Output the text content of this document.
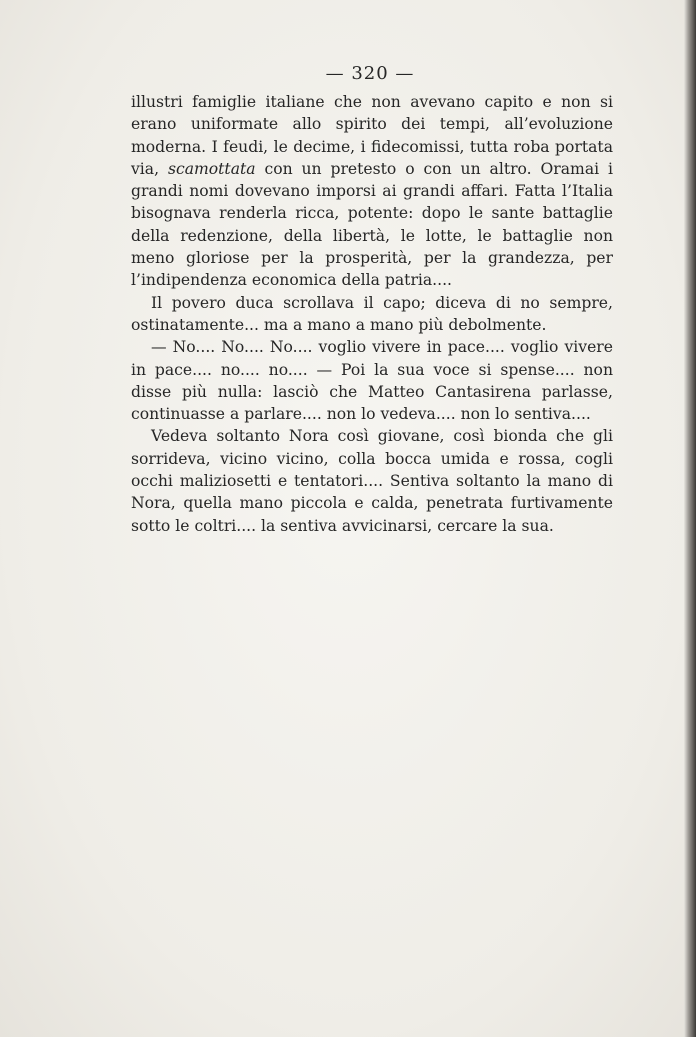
— 320 —

illustri famiglie italiane che non avevano capito e non si erano uniformate allo spirito dei tempi, all’evoluzione moderna. I feudi, le decime, i fidecomissi, tutta roba portata via, scamottata con un pretesto o con un altro. Oramai i grandi nomi dovevano imporsi ai grandi affari. Fatta l’Italia bisognava renderla ricca, potente: dopo le sante battaglie della redenzione, della libertà, le lotte, le battaglie non meno gloriose per la prosperità, per la grandezza, per l’indipendenza economica della patria....

Il povero duca scrollava il capo; diceva di no sempre, ostinatamente... ma a mano a mano più debolmente.

— No.... No.... No.... voglio vivere in pace.... voglio vivere in pace.... no.... no.... — Poi la sua voce si spense.... non disse più nulla: lasciò che Matteo Cantasirena parlasse, continuasse a parlare.... non lo vedeva.... non lo sentiva....

Vedeva soltanto Nora così giovane, così bionda che gli sorrideva, vicino vicino, colla bocca umida e rossa, cogli occhi maliziosetti e tentatori.... Sentiva soltanto la mano di Nora, quella mano piccola e calda, penetrata furtivamente sotto le coltri.... la sentiva avvicinarsi, cercare la sua.
